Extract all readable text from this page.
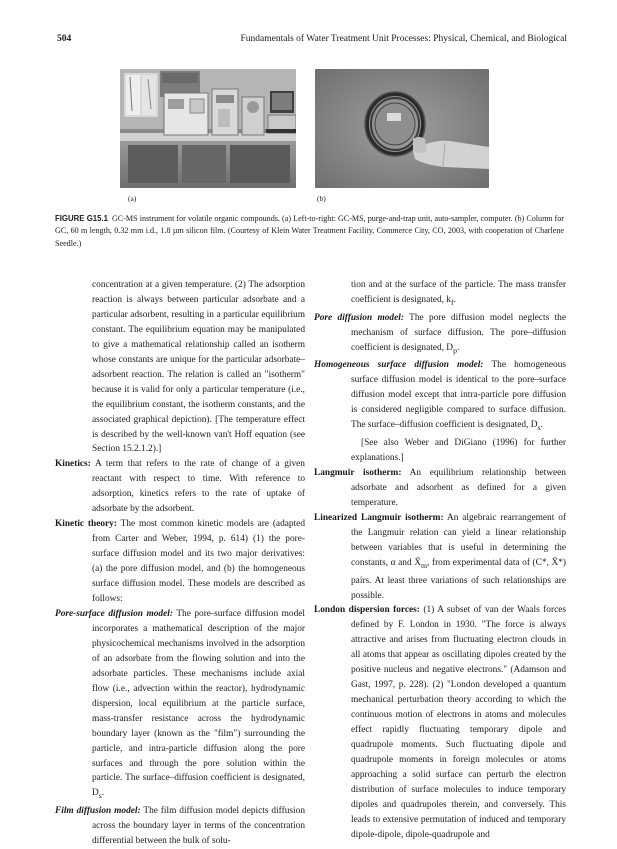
504	Fundamentals of Water Treatment Unit Processes: Physical, Chemical, and Biological
(a)	(b)
FIGURE G15.1 GC-MS instrument for volatile organic compounds. (a) Left-to-right: GC-MS, purge-and-trap unit, auto-sampler, computer. (b) Column for GC, 60 m length, 0.32 mm i.d., 1.8 µm silicon film. (Courtesy of Klein Water Treatment Facility, Commerce City, CO, 2003, with cooperation of Charlene Seedle.)
concentration at a given temperature. (2) The adsorption reaction is always between particular adsorbate and a particular adsorbent, resulting in a particular equilibrium constant. The equilibrium equation may be manipulated to give a mathematical relationship called an isotherm whose constants are unique for the particular adsorbate–adsorbent reaction. The relation is called an "isotherm" because it is valid for only a particular temperature (i.e., the equilibrium constant, the isotherm constants, and the associated graphical depiction). [The temperature effect is described by the well-known van't Hoff equation (see Section 15.2.1.2).]
Kinetics: A term that refers to the rate of change of a given reactant with respect to time. With reference to adsorption, kinetics refers to the rate of uptake of adsorbate by the adsorbent.
Kinetic theory: The most common kinetic models are (adapted from Carter and Weber, 1994, p. 614) (1) the pore-surface diffusion model and its two major derivatives: (a) the pore diffusion model, and (b) the homogeneous surface diffusion model. These models are described as follows:
Pore-surface diffusion model: The pore-surface diffusion model incorporates a mathematical description of the major physicochemical mechanisms involved in the adsorption of an adsorbate from the flowing solution and into the adsorbate particles. These mechanisms include axial flow (i.e., advection within the reactor), hydrodynamic dispersion, local equilibrium at the particle surface, mass-transfer resistance across the hydrodynamic boundary layer (known as the "film") surrounding the particle, and intra-particle diffusion along the pore surfaces and through the pore solution within the particle. The surface–diffusion coefficient is designated, $D_s$.
Film diffusion model: The film diffusion model depicts diffusion across the boundary layer in terms of the concentration differential between the bulk of solu-
tion and at the surface of the particle. The mass transfer coefficient is designated, $k_f$.
Pore diffusion model: The pore diffusion model neglects the mechanism of surface diffusion. The pore–diffusion coefficient is designated, $D_p$.
Homogeneous surface diffusion model: The homogeneous surface diffusion model is identical to the pore–surface diffusion model except that intra-particle pore diffusion is considered negligible compared to surface diffusion. The surface–diffusion coefficient is designated, $D_s$.
[See also Weber and DiGiano (1996) for further explanations.]
Langmuir isotherm: An equilibrium relationship between adsorbate and adsorbent as defined for a given temperature.
Linearized Langmuir isotherm: An algebraic rearrangement of the Langmuir relation can yield a linear relationship between variables that is useful in determining the constants, α and $X̄_m$, from experimental data of (C*, X̄*) pairs. At least three variations of such relationships are possible.
London dispersion forces: (1) A subset of van der Waals forces defined by F. London in 1930. "The force is always attractive and arises from fluctuating electron clouds in all atoms that appear as oscillating dipoles created by the positive nucleus and negative electrons." (Adamson and Gast, 1997, p. 228). (2) "London developed a quantum mechanical perturbation theory according to which the continuous motion of electrons in atoms and molecules effect rapidly fluctuating temporary dipole and quadrupole moments. Such fluctuating dipole and quadrupole moments in foreign molecules or atoms approaching a solid surface can perturb the electron distribution of surface molecules to induce temporary dipoles and quadrupoles therein, and conversely. This leads to extensive permutation of induced and temporary dipole-dipole, dipole-quadrupole and
